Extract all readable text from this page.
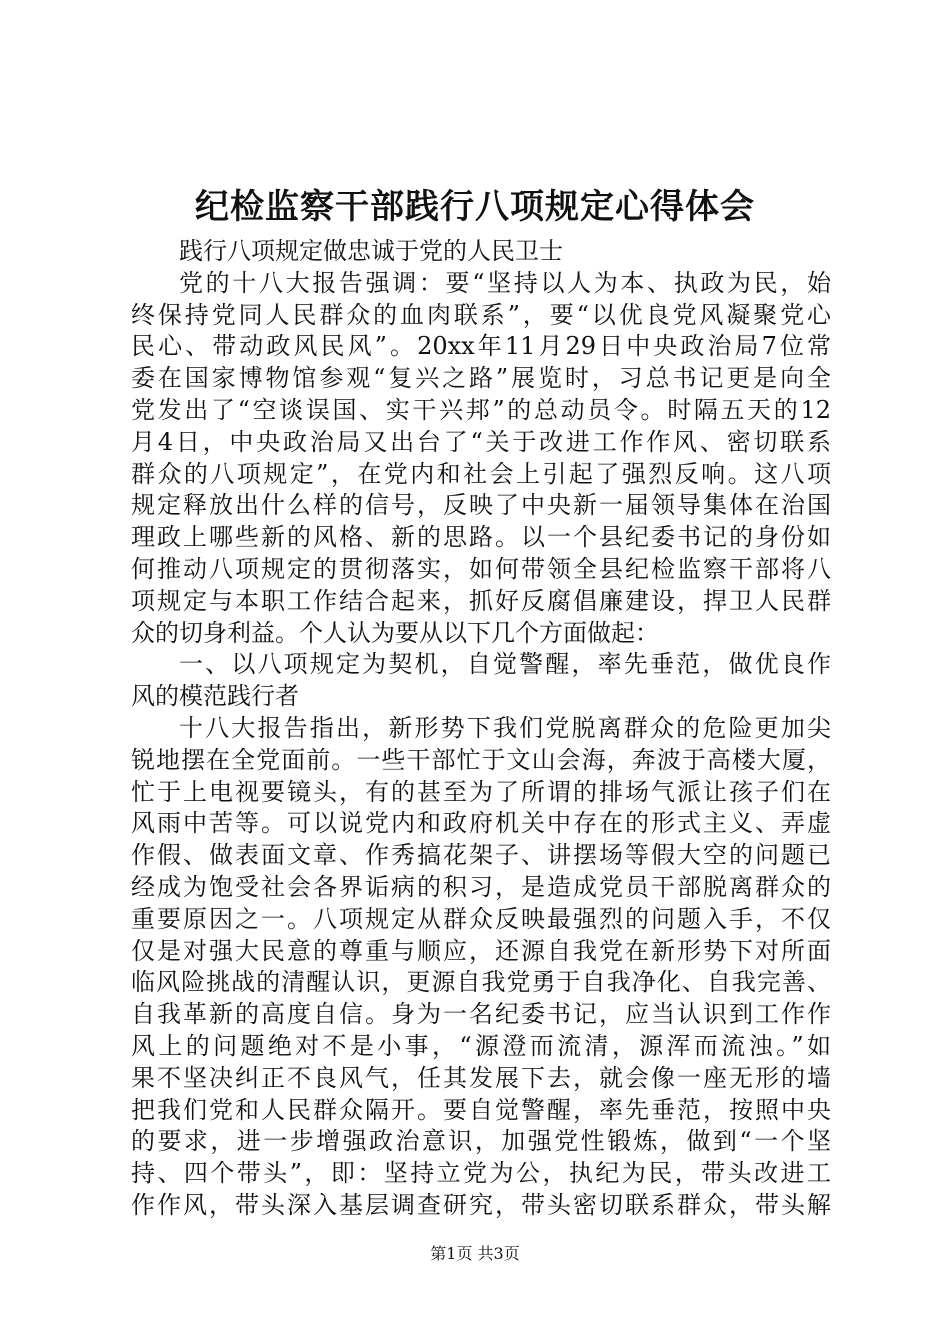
纪检监察干部践行八项规定心得体会
践行八项规定做忠诚于党的人民卫士
党的十八大报告强调：要“坚持以人为本、执政为民，始
终保持党同人民群众的血肉联系”，要“以优良党风凝聚党心
民心、带动政风民风”。20xx年11月29日中央政治局7位常
委在国家博物馆参观“复兴之路”展览时，习总书记更是向全
党发出了“空谈误国、实干兴邦”的总动员令。时隔五天的12
月4日，中央政治局又出台了“关于改进工作作风、密切联系
群众的八项规定”，在党内和社会上引起了强烈反响。这八项
规定释放出什么样的信号，反映了中央新一届领导集体在治国
理政上哪些新的风格、新的思路。以一个县纪委书记的身份如
何推动八项规定的贯彻落实，如何带领全县纪检监察干部将八
项规定与本职工作结合起来，抓好反腐倡廉建设，捍卫人民群
众的切身利益。个人认为要从以下几个方面做起：
一、以八项规定为契机，自觉警醒，率先垂范，做优良作
风的模范践行者
十八大报告指出，新形势下我们党脱离群众的危险更加尖
锐地摆在全党面前。一些干部忙于文山会海，奔波于高楼大厦，
忙于上电视要镜头，有的甚至为了所谓的排场气派让孩子们在
风雨中苦等。可以说党内和政府机关中存在的形式主义、弄虚
作假、做表面文章、作秀搞花架子、讲摆场等假大空的问题已
经成为饱受社会各界诟病的积习，是造成党员干部脱离群众的
重要原因之一。八项规定从群众反映最强烈的问题入手，不仅
仅是对强大民意的尊重与顺应，还源自我党在新形势下对所面
临风险挑战的清醒认识，更源自我党勇于自我净化、自我完善、
自我革新的高度自信。身为一名纪委书记，应当认识到工作作
风上的问题绝对不是小事，“源澄而流清，源浑而流浊。”如
果不坚决纠正不良风气，任其发展下去，就会像一座无形的墙
把我们党和人民群众隔开。要自觉警醒，率先垂范，按照中央
的要求，进一步增强政治意识，加强党性锻炼，做到“一个坚
持、四个带头”，即：坚持立党为公，执纪为民，带头改进工
作作风，带头深入基层调查研究，带头密切联系群众，带头解
第1页 共3页
